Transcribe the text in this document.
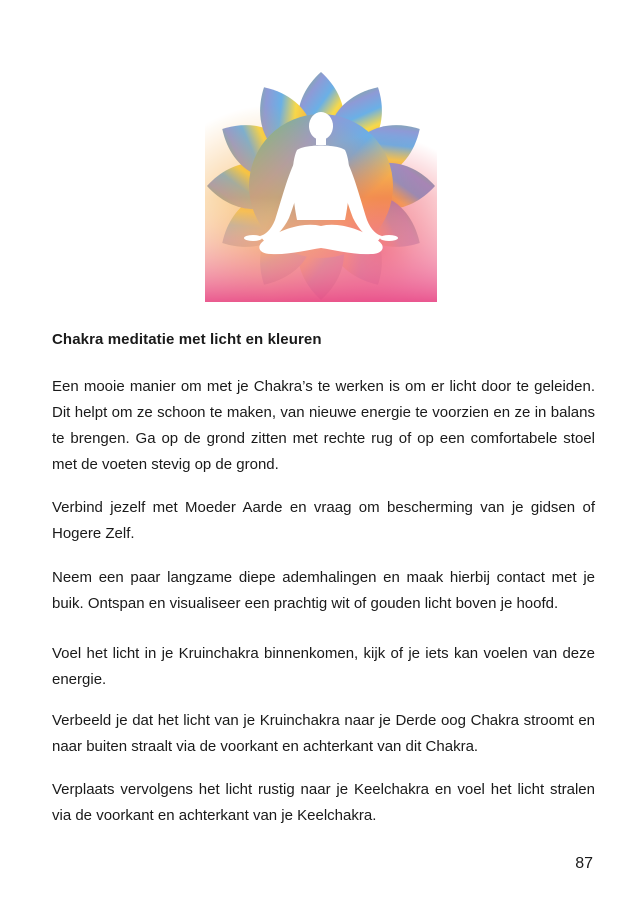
Chakra meditatie met licht en kleuren

Een mooie manier om met je Chakra’s te werken is om er licht door te geleiden. Dit helpt om ze schoon te maken, van nieuwe energie te voorzien en ze in balans te brengen. Ga op de grond zitten met rechte rug of op een comfortabele stoel met de voeten stevig op de grond.

Verbind jezelf met Moeder Aarde en vraag om bescherming van je gidsen of Hogere Zelf.

Neem een paar langzame diepe ademhalingen en maak hierbij contact met je buik. Ontspan en visualiseer een prachtig wit of gouden licht boven je hoofd.

Voel het licht in je Kruinchakra binnenkomen, kijk of je iets kan voelen van deze energie.

Verbeeld je dat het licht van je Kruinchakra naar je Derde oog Chakra stroomt en naar buiten straalt via de voorkant en achterkant van dit Chakra.

Verplaats vervolgens het licht rustig naar je Keelchakra en voel het licht stralen via de voorkant en achterkant van je Keelchakra.

87
